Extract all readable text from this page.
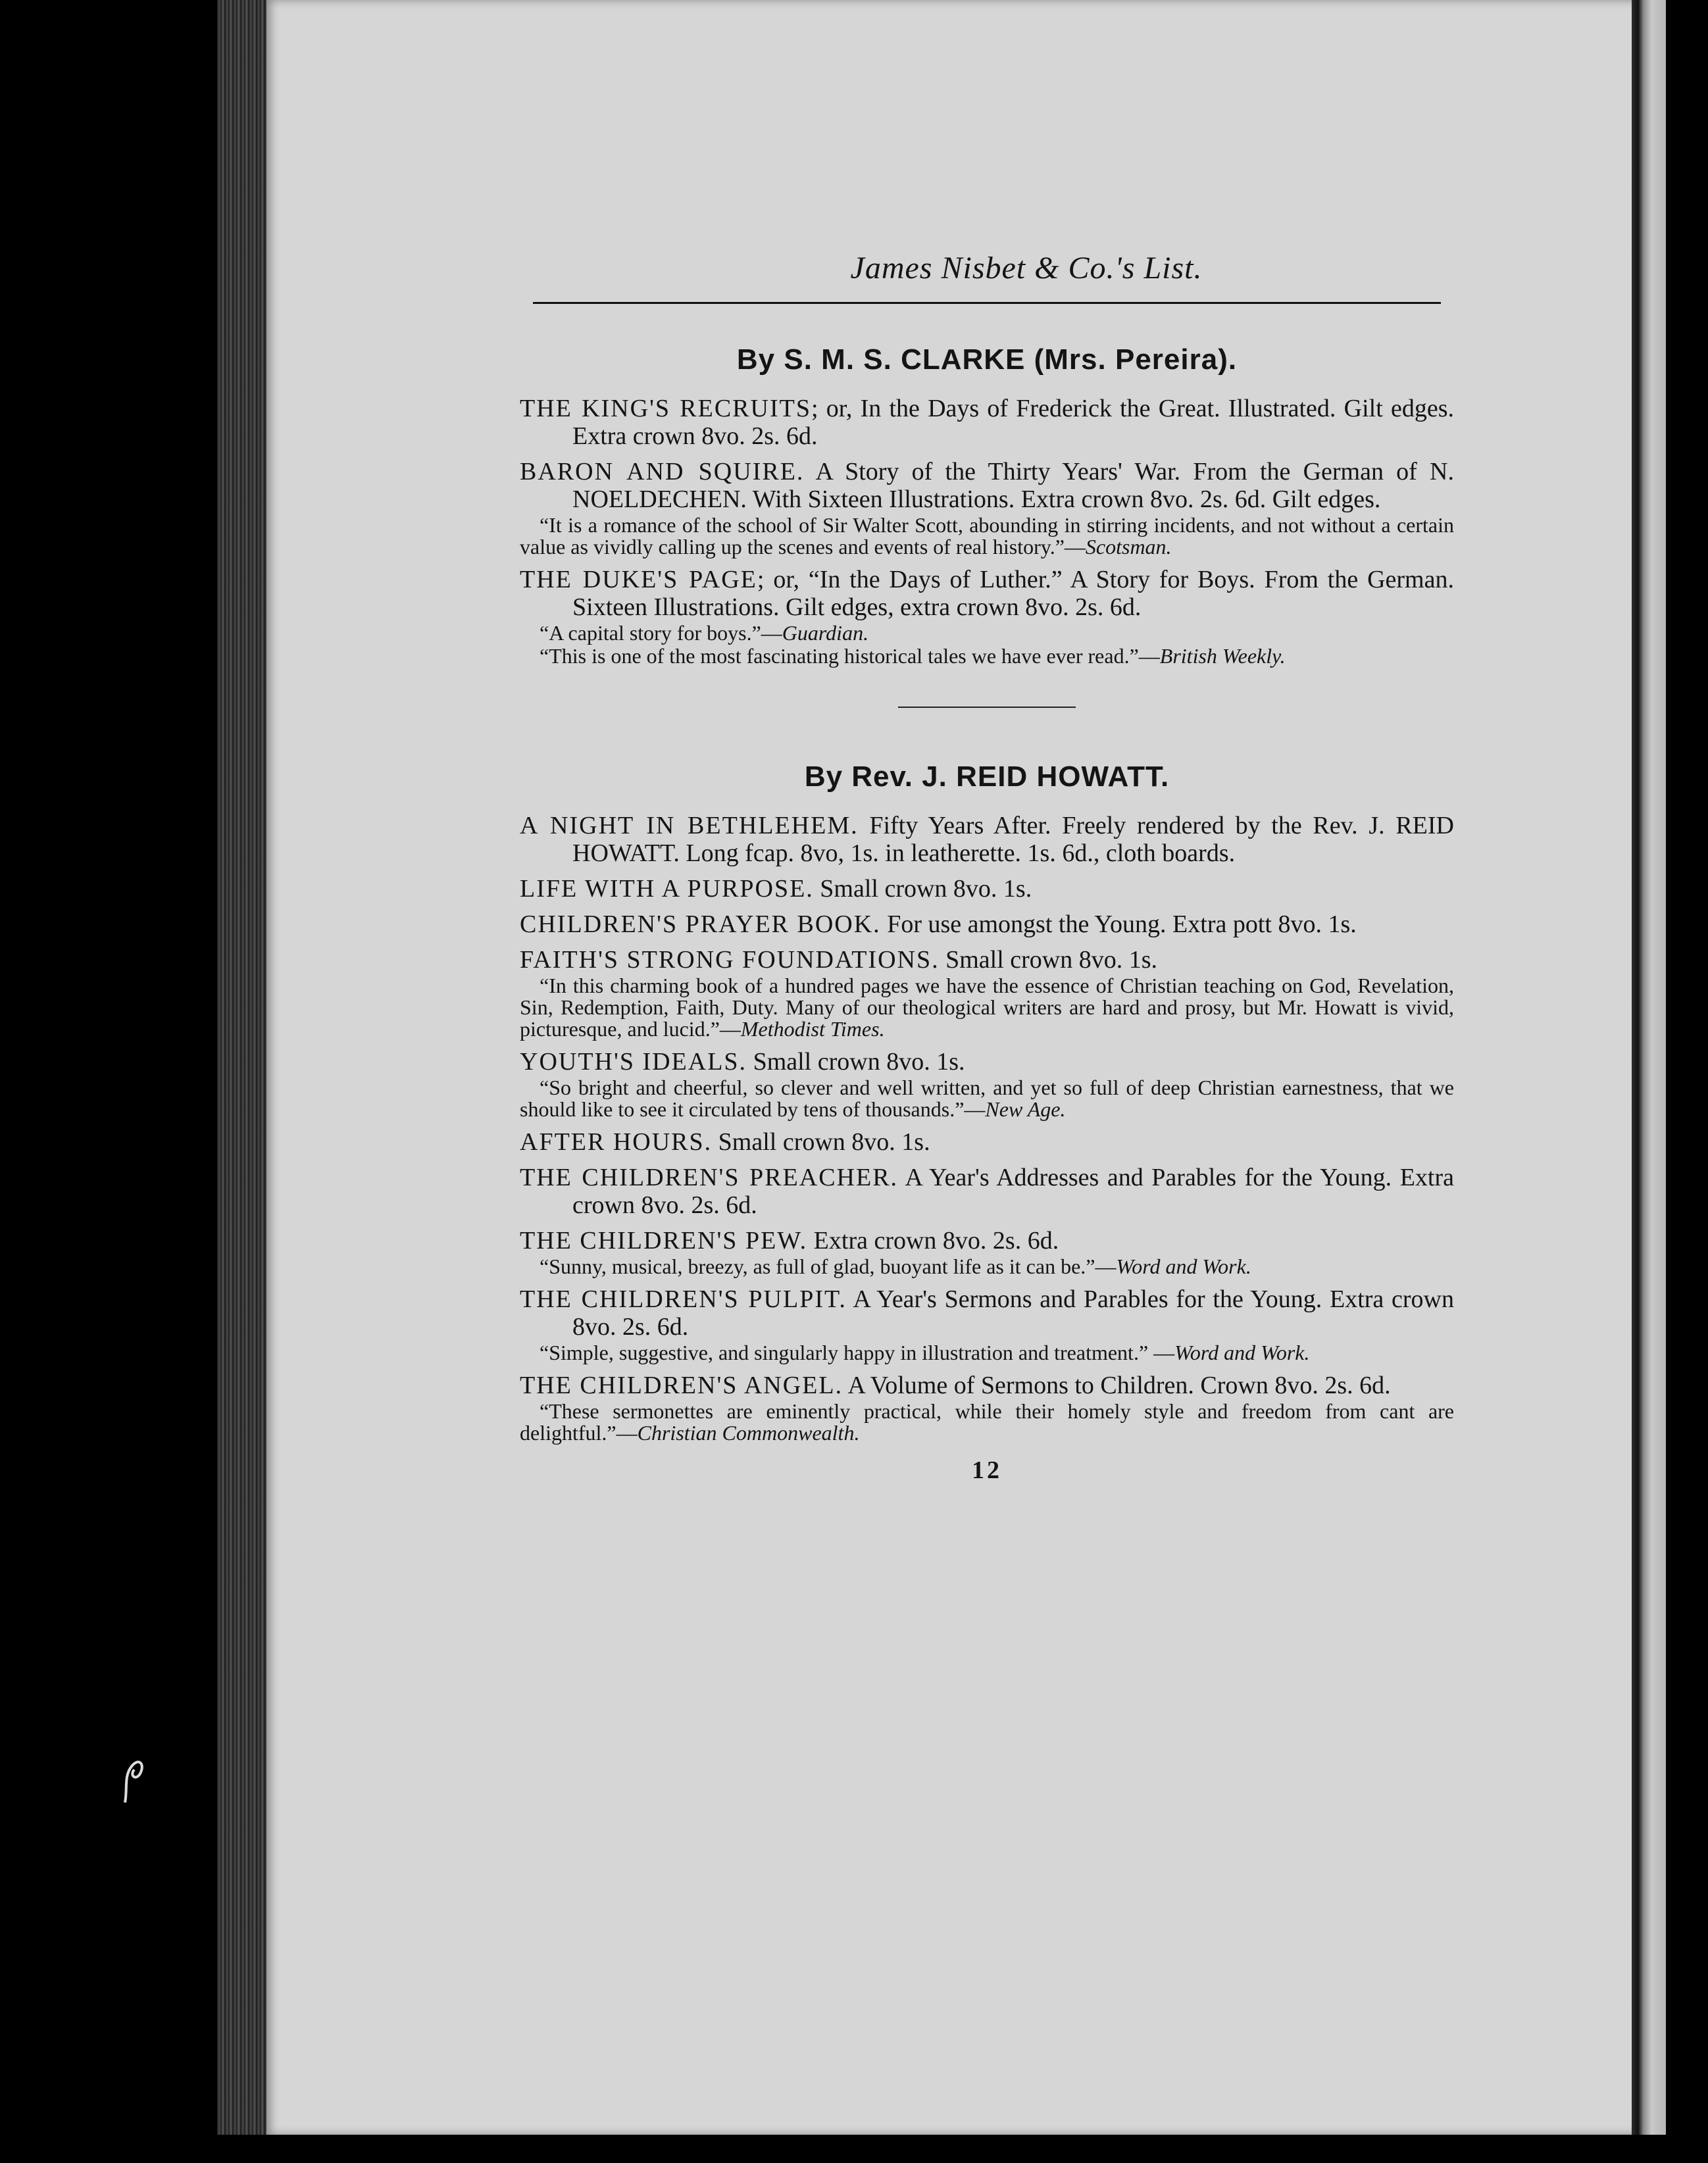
James Nisbet & Co.'s List.
By S. M. S. CLARKE (Mrs. Pereira).
THE KING'S RECRUITS; or, In the Days of Frederick the Great. Illustrated. Gilt edges. Extra crown 8vo. 2s. 6d.
BARON AND SQUIRE. A Story of the Thirty Years' War. From the German of N. NOELDECHEN. With Sixteen Illustrations. Extra crown 8vo. 2s. 6d. Gilt edges.
“It is a romance of the school of Sir Walter Scott, abounding in stirring incidents, and not without a certain value as vividly calling up the scenes and events of real history.”—Scotsman.
THE DUKE'S PAGE; or, “In the Days of Luther.” A Story for Boys. From the German. Sixteen Illustrations. Gilt edges, extra crown 8vo. 2s. 6d.
“A capital story for boys.”—Guardian.
“This is one of the most fascinating historical tales we have ever read.”—British Weekly.
By Rev. J. REID HOWATT.
A NIGHT IN BETHLEHEM. Fifty Years After. Freely rendered by the Rev. J. REID HOWATT. Long fcap. 8vo, 1s. in leatherette. 1s. 6d., cloth boards.
LIFE WITH A PURPOSE. Small crown 8vo. 1s.
CHILDREN'S PRAYER BOOK. For use amongst the Young. Extra pott 8vo. 1s.
FAITH'S STRONG FOUNDATIONS. Small crown 8vo. 1s.
“In this charming book of a hundred pages we have the essence of Christian teaching on God, Revelation, Sin, Redemption, Faith, Duty. Many of our theological writers are hard and prosy, but Mr. Howatt is vivid, picturesque, and lucid.”—Methodist Times.
YOUTH'S IDEALS. Small crown 8vo. 1s.
“So bright and cheerful, so clever and well written, and yet so full of deep Christian earnestness, that we should like to see it circulated by tens of thousands.”—New Age.
AFTER HOURS. Small crown 8vo. 1s.
THE CHILDREN'S PREACHER. A Year's Addresses and Parables for the Young. Extra crown 8vo. 2s. 6d.
THE CHILDREN'S PEW. Extra crown 8vo. 2s. 6d.
“Sunny, musical, breezy, as full of glad, buoyant life as it can be.”—Word and Work.
THE CHILDREN'S PULPIT. A Year's Sermons and Parables for the Young. Extra crown 8vo. 2s. 6d.
“Simple, suggestive, and singularly happy in illustration and treatment.” —Word and Work.
THE CHILDREN'S ANGEL. A Volume of Sermons to Children. Crown 8vo. 2s. 6d.
“These sermonettes are eminently practical, while their homely style and freedom from cant are delightful.”—Christian Commonwealth.
12
